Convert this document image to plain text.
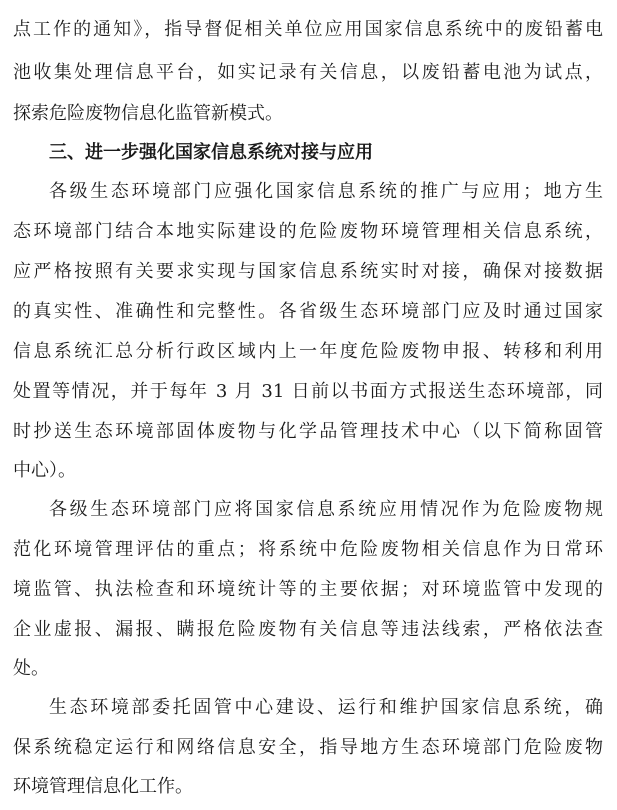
点工作的通知》，指导督促相关单位应用国家信息系统中的废铅蓄电
池收集处理信息平台，如实记录有关信息，以废铅蓄电池为试点，
探索危险废物信息化监管新模式。
三、进一步强化国家信息系统对接与应用
各级生态环境部门应强化国家信息系统的推广与应用；地方生
态环境部门结合本地实际建设的危险废物环境管理相关信息系统，
应严格按照有关要求实现与国家信息系统实时对接，确保对接数据
的真实性、准确性和完整性。各省级生态环境部门应及时通过国家
信息系统汇总分析行政区域内上一年度危险废物申报、转移和利用
处置等情况，并于每年 3 月 31 日前以书面方式报送生态环境部，同
时抄送生态环境部固体废物与化学品管理技术中心（以下简称固管
中心）。
各级生态环境部门应将国家信息系统应用情况作为危险废物规
范化环境管理评估的重点；将系统中危险废物相关信息作为日常环
境监管、执法检查和环境统计等的主要依据；对环境监管中发现的
企业虚报、漏报、瞒报危险废物有关信息等违法线索，严格依法查
处。
生态环境部委托固管中心建设、运行和维护国家信息系统，确
保系统稳定运行和网络信息安全，指导地方生态环境部门危险废物
环境管理信息化工作。
